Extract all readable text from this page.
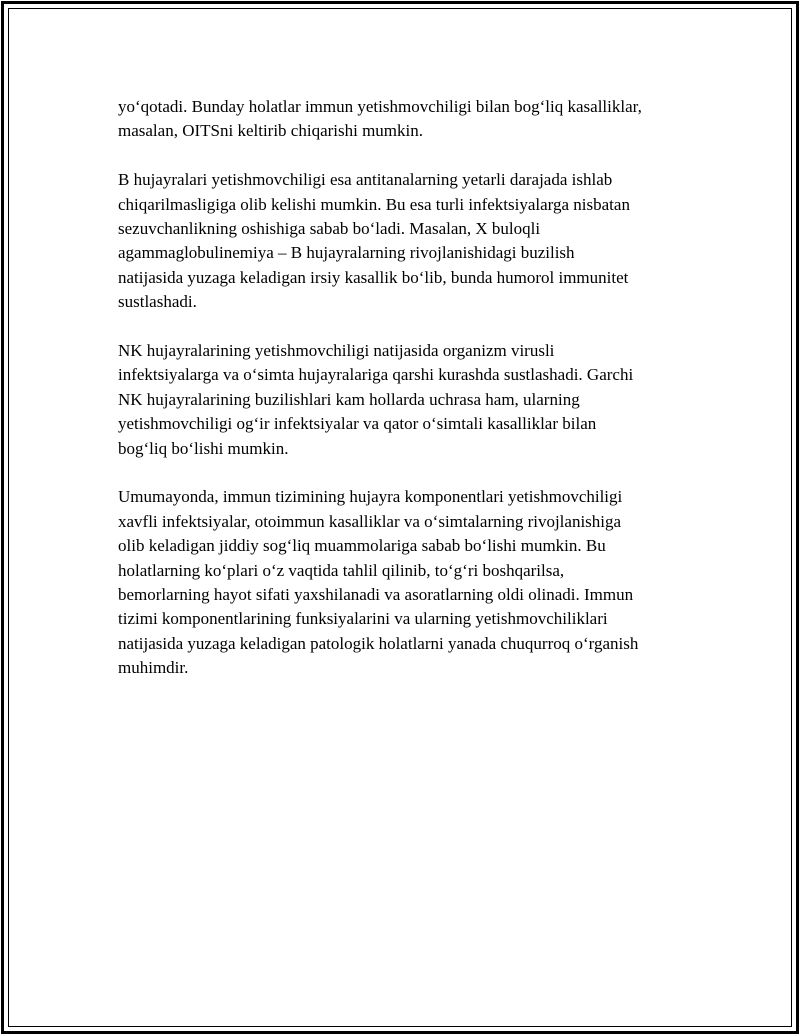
yo‘qotadi. Bunday holatlar immun yetishmovchiligi bilan bog‘liq kasalliklar,
masalan, OITSni keltirib chiqarishi mumkin.

B hujayralari yetishmovchiligi esa antitanalarning yetarli darajada ishlab
chiqarilmasligiga olib kelishi mumkin. Bu esa turli infektsiyalarga nisbatan
sezuvchanlikning oshishiga sabab bo‘ladi. Masalan, X buloqli
agammaglobulinemiya – B hujayralarning rivojlanishidagi buzilish
natijasida yuzaga keladigan irsiy kasallik bo‘lib, bunda humorol immunitet
sustlashadi.

NK hujayralarining yetishmovchiligi natijasida organizm virusli
infektsiyalarga va o‘simta hujayralariga qarshi kurashda sustlashadi. Garchi
NK hujayralarining buzilishlari kam hollarda uchrasa ham, ularning
yetishmovchiligi og‘ir infektsiyalar va qator o‘simtali kasalliklar bilan
bog‘liq bo‘lishi mumkin.

Umumayonda, immun tizimining hujayra komponentlari yetishmovchiligi
xavfli infektsiyalar, otoimmun kasalliklar va o‘simtalarning rivojlanishiga
olib keladigan jiddiy sog‘liq muammolariga sabab bo‘lishi mumkin. Bu
holatlarning ko‘plari o‘z vaqtida tahlil qilinib, to‘g‘ri boshqarilsa,
bemorlarning hayot sifati yaxshilanadi va asoratlarning oldi olinadi. Immun
tizimi komponentlarining funksiyalarini va ularning yetishmovchiliklari
natijasida yuzaga keladigan patologik holatlarni yanada chuqurroq o‘rganish
muhimdir.
